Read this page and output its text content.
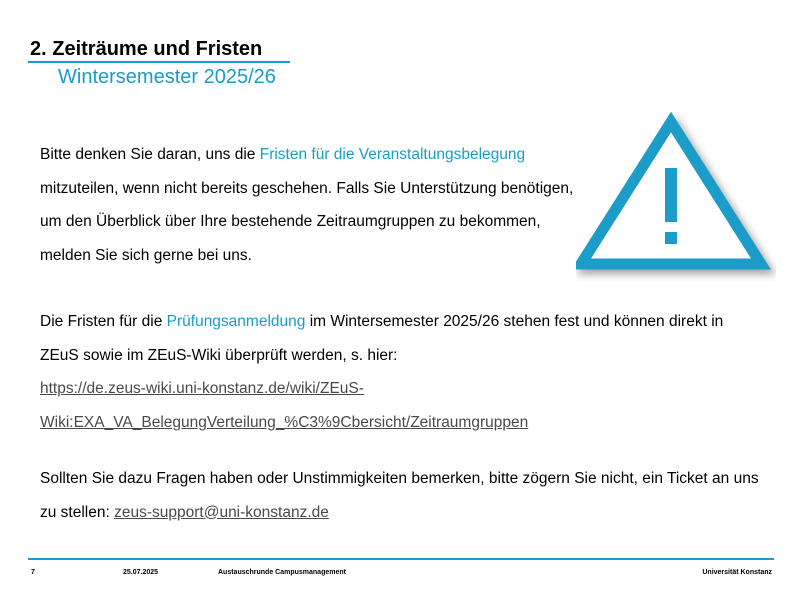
2. Zeiträume und Fristen
Wintersemester 2025/26

Bitte denken Sie daran, uns die Fristen für die Veranstaltungsbelegung mitzuteilen, wenn nicht bereits geschehen. Falls Sie Unterstützung benötigen, um den Überblick über Ihre bestehende Zeitraumgruppen zu bekommen, melden Sie sich gerne bei uns.

Die Fristen für die Prüfungsanmeldung im Wintersemester 2025/26 stehen fest und können direkt in ZEuS sowie im ZEuS-Wiki überprüft werden, s. hier:
https://de.zeus-wiki.uni-konstanz.de/wiki/ZEuS-
Wiki:EXA_VA_BelegungVerteilung_%C3%9Cbersicht/Zeitraumgruppen

Sollten Sie dazu Fragen haben oder Unstimmigkeiten bemerken, bitte zögern Sie nicht, ein Ticket an uns zu stellen: zeus-support@uni-konstanz.de

7	25.07.2025	Austauschrunde Campusmanagement	Universität Konstanz
